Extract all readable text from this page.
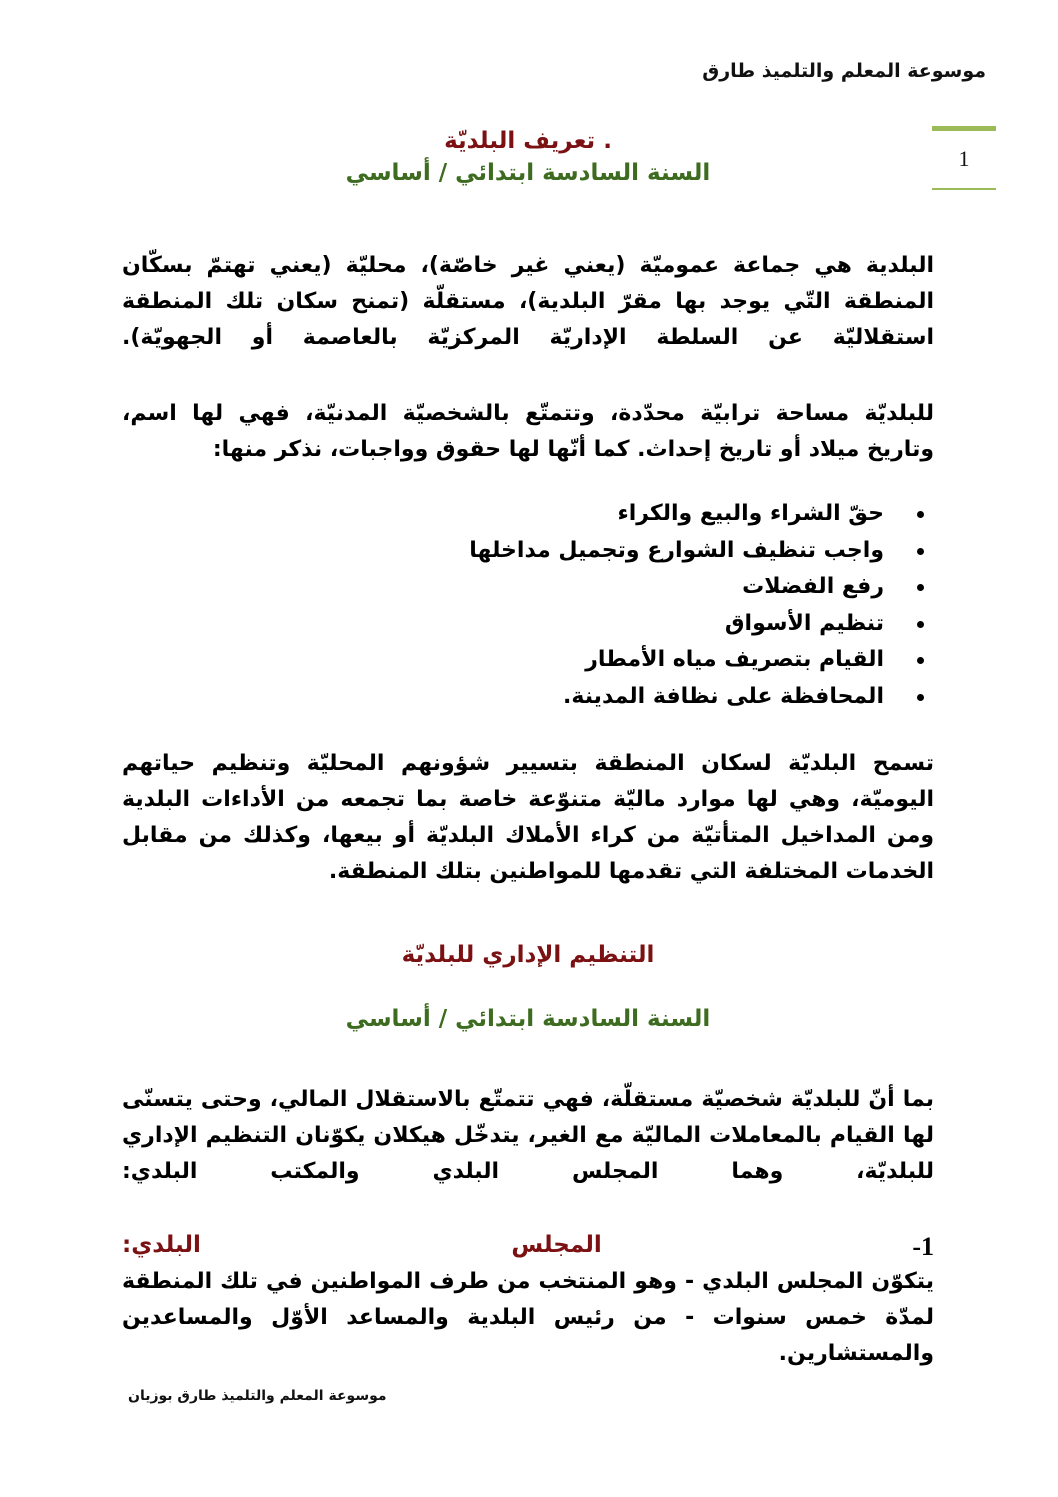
موسوعة المعلم والتلميذ طارق
1
. تعريف البلديّة
السنة السادسة ابتدائي / أساسي
البلدية هي جماعة عموميّة (يعني غير خاصّة)، محليّة (يعني تهتمّ بسكّان المنطقة التّي يوجد بها مقرّ البلدية)، مستقلّة (تمنح سكان تلك المنطقة استقلاليّة عن السلطة الإداريّة المركزيّة بالعاصمة أو الجهويّة).
للبلديّة مساحة ترابيّة محدّدة، وتتمتّع بالشخصيّة المدنيّة، فهي لها اسم، وتاريخ ميلاد أو تاريخ إحداث. كما أنّها لها حقوق وواجبات، نذكر منها:
حقّ الشراء والبيع والكراء
واجب تنظيف الشوارع وتجميل مداخلها
رفع الفضلات
تنظيم الأسواق
القيام بتصريف مياه الأمطار
المحافظة على نظافة المدينة.
تسمح البلديّة لسكان المنطقة بتسيير شؤونهم المحليّة وتنظيم حياتهم اليوميّة، وهي لها موارد ماليّة متنوّعة خاصة بما تجمعه من الأداءات البلدية ومن المداخيل المتأتيّة من كراء الأملاك البلديّة أو بيعها، وكذلك من مقابل الخدمات المختلفة التي تقدمها للمواطنين بتلك المنطقة.
التنظيم الإداري للبلديّة
السنة السادسة ابتدائي / أساسي
بما أنّ للبلديّة شخصيّة مستقلّة، فهي تتمتّع بالاستقلال المالي، وحتى يتسنّى لها القيام بالمعاملات الماليّة مع الغير، يتدخّل هيكلان يكوّنان التنظيم الإداري للبلديّة، وهما المجلس البلدي والمكتب البلدي:
1-
المجلس
البلدي:
يتكوّن المجلس البلدي - وهو المنتخب من طرف المواطنين في تلك المنطقة لمدّة خمس سنوات - من رئيس البلدية والمساعد الأوّل والمساعدين والمستشارين.
موسوعة المعلم والتلميذ طارق بوزيان
